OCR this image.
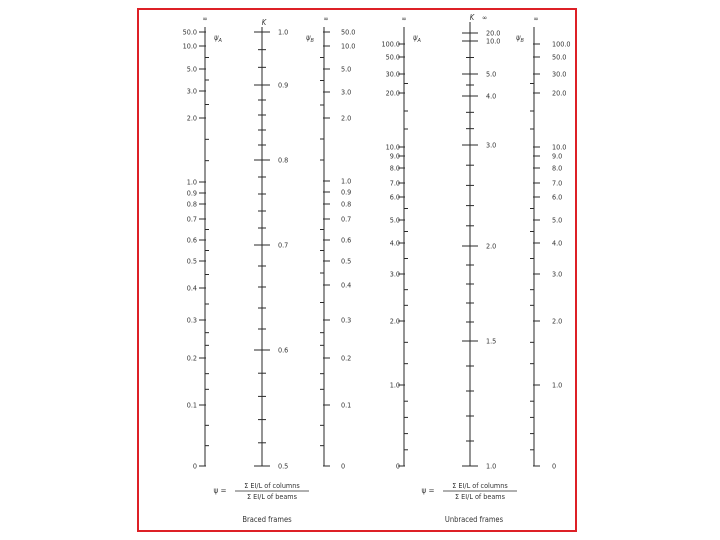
∞
$\psi_A$
50.0
10.0
5.0
3.0
2.0
1.0
0.9
0.8
0.7
0.6
0.5
0.4
0.3
0.2
0.1
0
K
1.0
0.9
0.8
0.7
0.6
0.5
∞
$\psi_B$
50.0
10.0
5.0
3.0
2.0
1.0
0.9
0.8
0.7
0.6
0.5
0.4
0.3
0.2
0.1
0
ψ =
Σ EI/L of columns
Σ EI/L of beams
Braced frames
∞
$\psi_A$
100.0
50.0
30.0
20.0
10.0
9.0
8.0
7.0
6.0
5.0
4.0
3.0
2.0
1.0
0
K ∞
20.0
10.0
5.0
4.0
3.0
2.0
1.5
1.0
∞
$\psi_B$	100.0
50.0
30.0
20.0
10.0
9.0
8.0
7.0
6.0
5.0
4.0
3.0
2.0
1.0
0
ψ =
Σ EI/L of columns
Σ EI/L of beams
Unbraced frames
